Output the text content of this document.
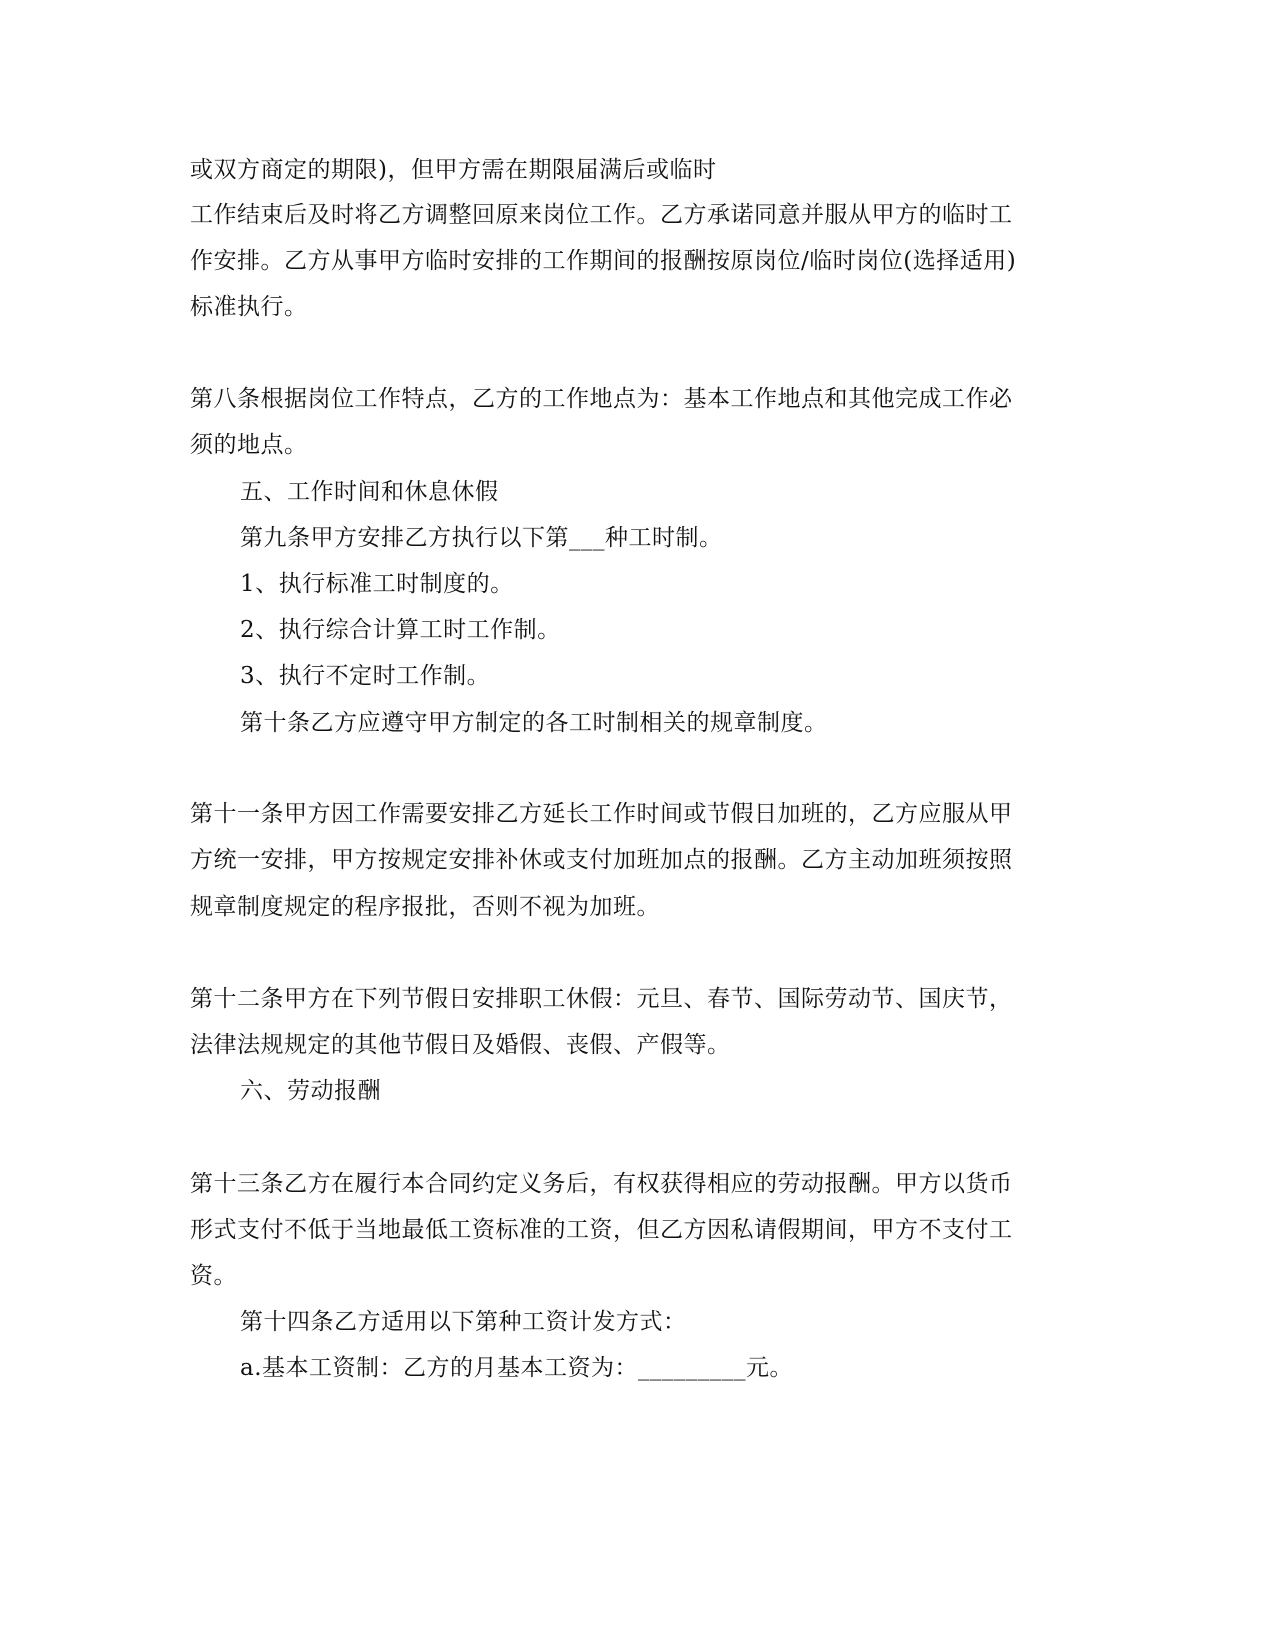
或双方商定的期限)，但甲方需在期限届满后或临时
工作结束后及时将乙方调整回原来岗位工作。乙方承诺同意并服从甲方的临时工
作安排。乙方从事甲方临时安排的工作期间的报酬按原岗位/临时岗位(选择适用)
标准执行。
第八条根据岗位工作特点，乙方的工作地点为：基本工作地点和其他完成工作必
须的地点。
五、工作时间和休息休假
第九条甲方安排乙方执行以下第___种工时制。
1、执行标准工时制度的。
2、执行综合计算工时工作制。
3、执行不定时工作制。
第十条乙方应遵守甲方制定的各工时制相关的规章制度。
第十一条甲方因工作需要安排乙方延长工作时间或节假日加班的，乙方应服从甲
方统一安排，甲方按规定安排补休或支付加班加点的报酬。乙方主动加班须按照
规章制度规定的程序报批，否则不视为加班。
第十二条甲方在下列节假日安排职工休假：元旦、春节、国际劳动节、国庆节，
法律法规规定的其他节假日及婚假、丧假、产假等。
六、劳动报酬
第十三条乙方在履行本合同约定义务后，有权获得相应的劳动报酬。甲方以货币
形式支付不低于当地最低工资标准的工资，但乙方因私请假期间，甲方不支付工
资。
第十四条乙方适用以下第种工资计发方式：
a.基本工资制：乙方的月基本工资为：_________元。
